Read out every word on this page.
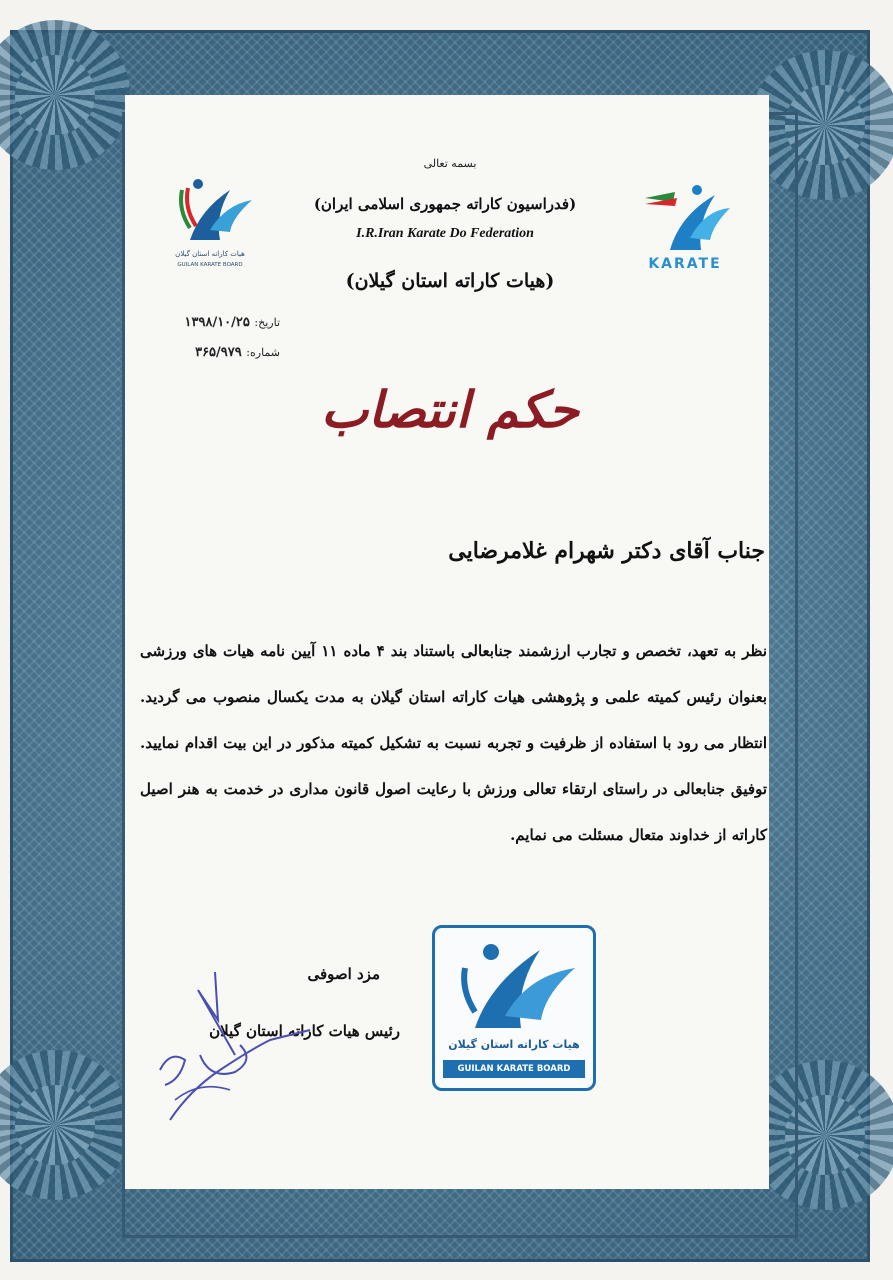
هیات کاراته استان گیلان
GUILAN KARATE BOARD	KARATE
بسمه تعالی
(فدراسیون کاراته جمهوری اسلامی ایران)
I.R.Iran Karate Do Federation
(هیات کاراته استان گیلان)
تاریخ: ۱۳۹۸/۱۰/۲۵
شماره: ۳۶۵/۹۷۹
حکم انتصاب
جناب آقای دکتر شهرام غلامرضایی
نظر به تعهد، تخصص و تجارب ارزشمند جنابعالی باستناد بند ۴ ماده ۱۱ آیین نامه هیات های ورزشی بعنوان رئیس کمیته علمی و پژوهشی هیات کاراته استان گیلان به مدت یکسال منصوب می گردید. انتظار می رود با استفاده از ظرفیت و تجربه نسبت به تشکیل کمیته مذکور در این بیت اقدام نمایید. توفیق جنابعالی در راستای ارتقاء تعالی ورزش با رعایت اصول قانون مداری در خدمت به هنر اصیل کاراته از خداوند متعال مسئلت می نمایم.
هیات کاراته استان گیلان
GUILAN KARATE BOARD
مزد اصوفی
رئیس هیات کاراته استان گیلان
